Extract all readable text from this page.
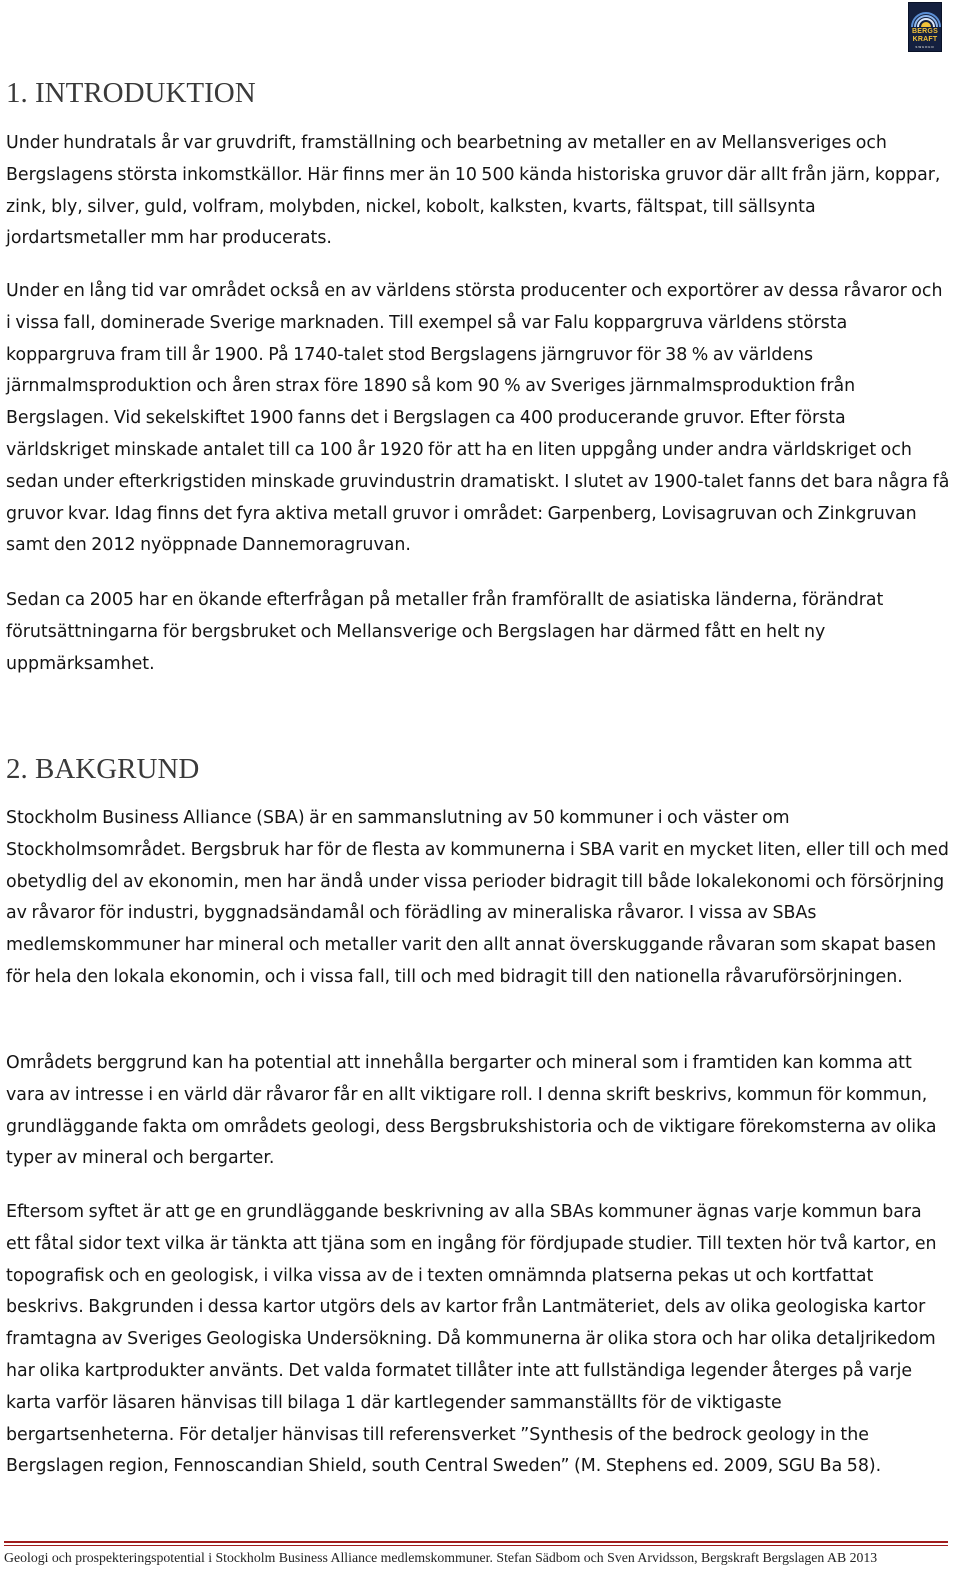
BERGS
KRAFT
SWEDEN
1. INTRODUKTION

Under hundratals år var gruvdrift, framställning och bearbetning av metaller en av Mellansveriges och Bergslagens största inkomstkällor. Här finns mer än 10 500 kända historiska gruvor där allt från järn, koppar, zink, bly, silver, guld, volfram, molybden, nickel, kobolt, kalksten, kvarts, fältspat, till sällsynta jordartsmetaller mm har producerats.

Under en lång tid var området också en av världens största producenter och exportörer av dessa råvaror och i vissa fall, dominerade Sverige marknaden. Till exempel så var Falu koppargruva världens största koppargruva fram till år 1900. På 1740-talet stod Bergslagens järngruvor för 38 % av världens järnmalmsproduktion och åren strax före 1890 så kom 90 % av Sveriges järnmalmsproduktion från Bergslagen. Vid sekelskiftet 1900 fanns det i Bergslagen ca 400 producerande gruvor. Efter första världskriget minskade antalet till ca 100 år 1920 för att ha en liten uppgång under andra världskriget och sedan under efterkrigstiden minskade gruvindustrin dramatiskt. I slutet av 1900-talet fanns det bara några få gruvor kvar. Idag finns det fyra aktiva metall gruvor i området: Garpenberg, Lovisagruvan och Zinkgruvan samt den 2012 nyöppnade Dannemoragruvan.

Sedan ca 2005 har en ökande efterfrågan på metaller från framförallt de asiatiska länderna, förändrat förutsättningarna för bergsbruket och Mellansverige och Bergslagen har därmed fått en helt ny uppmärksamhet.

2. BAKGRUND

Stockholm Business Alliance (SBA) är en sammanslutning av 50 kommuner i och väster om Stockholmsområdet. Bergsbruk har för de flesta av kommunerna i SBA varit en mycket liten, eller till och med obetydlig del av ekonomin, men har ändå under vissa perioder bidragit till både lokalekonomi och försörjning av råvaror för industri, byggnadsändamål och förädling av mineraliska råvaror. I vissa av SBAs medlemskommuner har mineral och metaller varit den allt annat överskuggande råvaran som skapat basen för hela den lokala ekonomin, och i vissa fall, till och med bidragit till den nationella råvaruförsörjningen.

Områdets berggrund kan ha potential att innehålla bergarter och mineral som i framtiden kan komma att vara av intresse i en värld där råvaror får en allt viktigare roll. I denna skrift beskrivs, kommun för kommun, grundläggande fakta om områdets geologi, dess Bergsbrukshistoria och de viktigare förekomsterna av olika typer av mineral och bergarter.

Eftersom syftet är att ge en grundläggande beskrivning av alla SBAs kommuner ägnas varje kommun bara ett fåtal sidor text vilka är tänkta att tjäna som en ingång för fördjupade studier. Till texten hör två kartor, en topografisk och en geologisk, i vilka vissa av de i texten omnämnda platserna pekas ut och kortfattat beskrivs. Bakgrunden i dessa kartor utgörs dels av kartor från Lantmäteriet, dels av olika geologiska kartor framtagna av Sveriges Geologiska Undersökning. Då kommunerna är olika stora och har olika detaljrikedom har olika kartprodukter använts. Det valda formatet tillåter inte att fullständiga legender återges på varje karta varför läsaren hänvisas till bilaga 1 där kartlegender sammanställts för de viktigaste bergartsenheterna. För detaljer hänvisas till referensverket ”Synthesis of the bedrock geology in the Bergslagen region, Fennoscandian Shield, south Central Sweden” (M. Stephens ed. 2009, SGU Ba 58).

Geologi och prospekteringspotential i Stockholm Business Alliance medlemskommuner. Stefan Sädbom och Sven Arvidsson, Bergskraft Bergslagen AB 2013
